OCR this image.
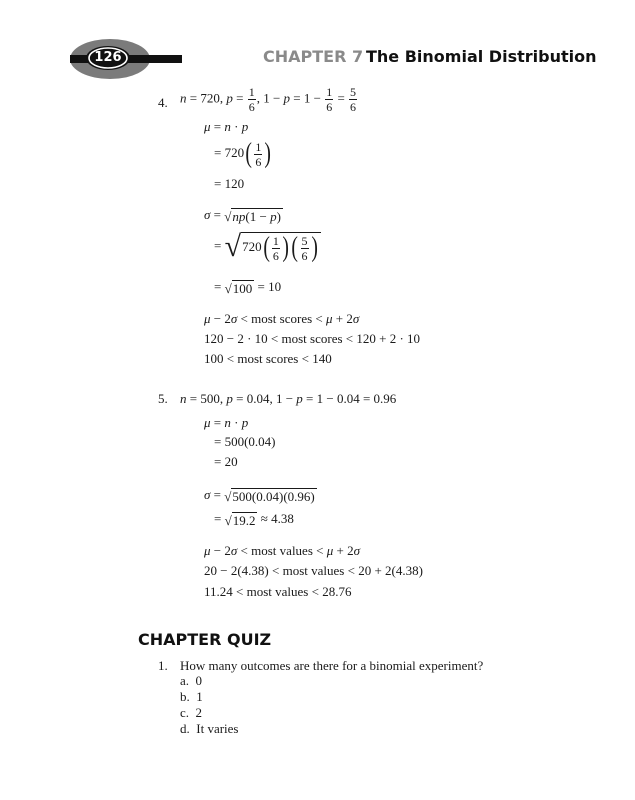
126	CHAPTER 7 The Binomial Distribution
4. n = 720, $p = \frac{1}{6}$ , $1 - p = 1 - \frac{1}{6} = \frac{5}{6}$
μ = n · p
= $720( \frac{1}{6}$ )
= 120
σ = √np(1 − p)
= $√720( \frac{1}{6}$ )( $\frac{5}{6}$ )
= √100 = 10
μ − 2σ < most scores < μ + 2σ
120 − 2 · 10 < most scores < 120 + 2 · 10
100 < most scores < 140
5. n = 500, p = 0.04, 1 − p = 1 − 0.04 = 0.96
μ = n · p
= 500(0.04)
= 20
σ = √500(0.04)(0.96)
= √19.2 ≈ 4.38
μ − 2σ < most values < μ + 2σ
20 − 2(4.38) < most values < 20 + 2(4.38)
11.24 < most values < 28.76
CHAPTER QUIZ
1. How many outcomes are there for a binomial experiment?
a. 0
b. 1
c. 2
d. It varies
